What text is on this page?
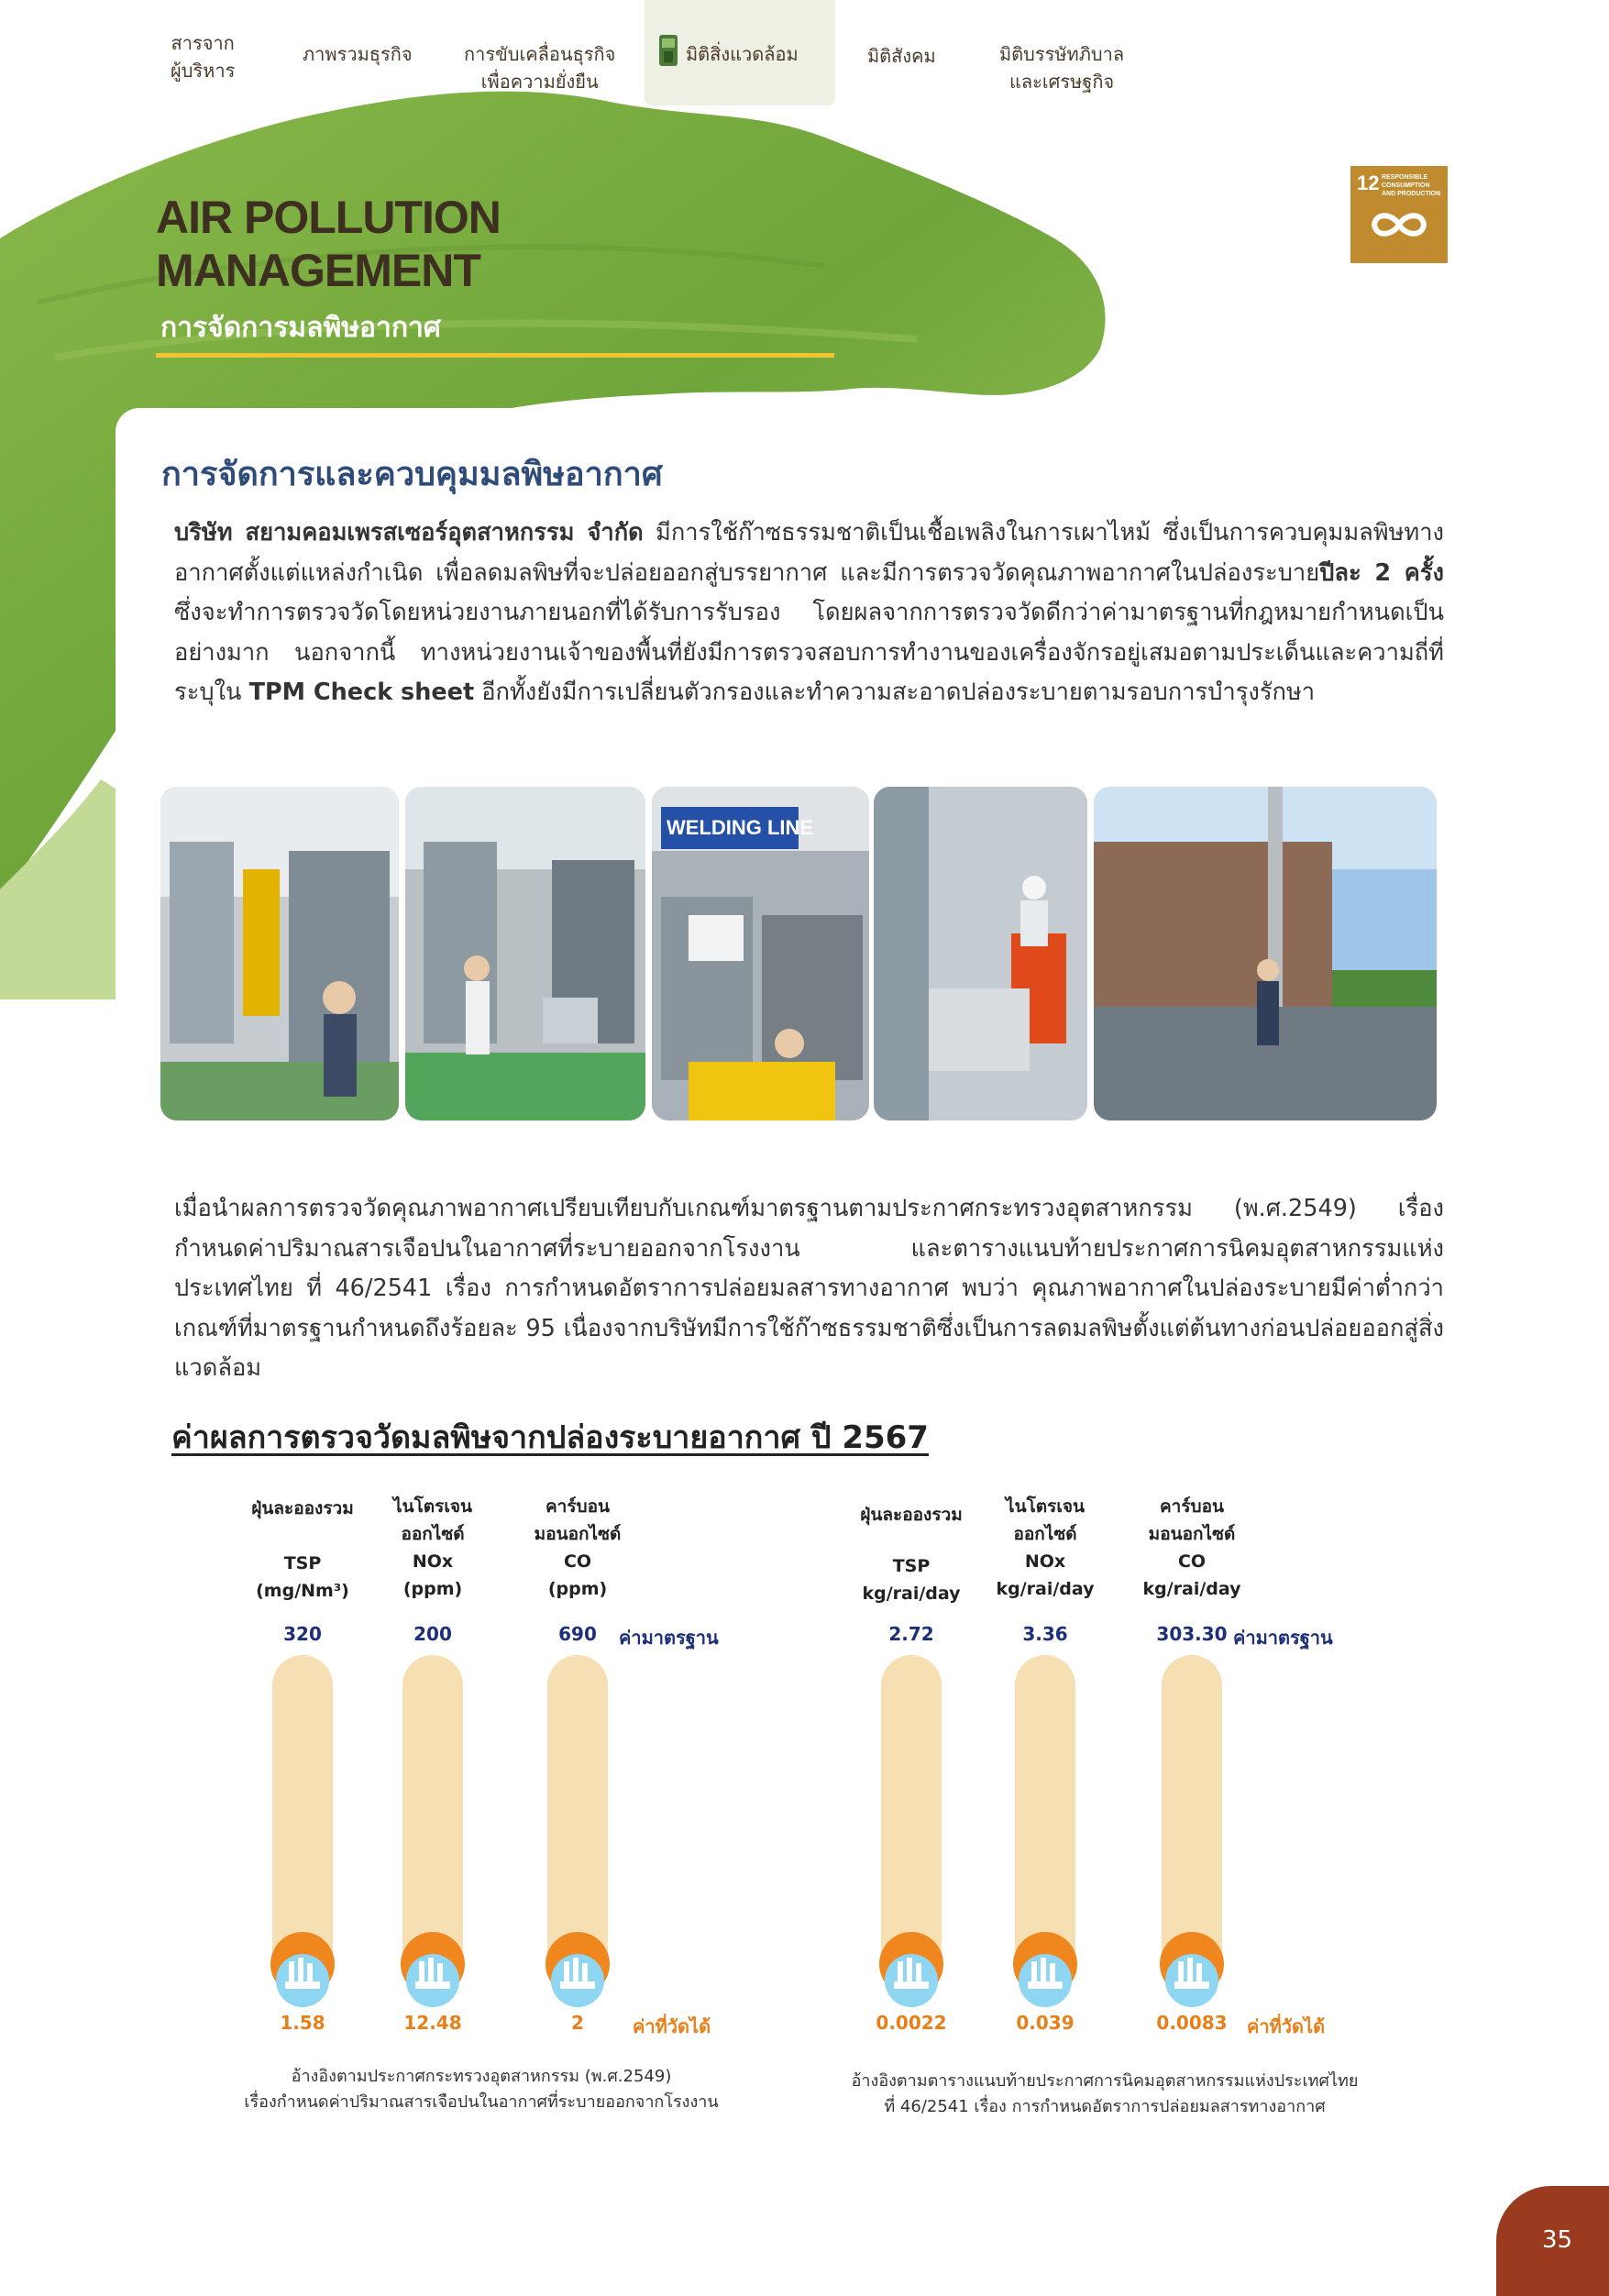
สารจาก
ผู้บริหาร
ภาพรวมธุรกิจ	การขับเคลื่อนธุรกิจ
เพื่อความยั่งยืน
มิติสิ่งแวดล้อม	มิติสังคม	มิติบรรษัทภิบาล
และเศรษฐกิจ
AIR POLLUTION
MANAGEMENT
การจัดการมลพิษอากาศ
12 RESPONSIBLE
CONSUMPTION
AND PRODUCTION
การจัดการและควบคุมมลพิษอากาศ
บริษัท สยามคอมเพรสเซอร์อุตสาหกรรม จำกัด มีการใช้ก๊าซธรรมชาติเป็นเชื้อเพลิงในการเผาไหม้ ซึ่งเป็นการควบคุมมลพิษทางอากาศตั้งแต่แหล่งกำเนิด เพื่อลดมลพิษที่จะปล่อยออกสู่บรรยากาศ และมีการตรวจวัดคุณภาพอากาศในปล่องระบายปีละ 2 ครั้ง ซึ่งจะทำการตรวจวัดโดยหน่วยงานภายนอกที่ได้รับการรับรอง โดยผลจากการตรวจวัดดีกว่าค่ามาตรฐานที่กฎหมายกำหนดเป็นอย่างมาก นอกจากนี้ ทางหน่วยงานเจ้าของพื้นที่ยังมีการตรวจสอบการทำงานของเครื่องจักรอยู่เสมอตามประเด็นและความถี่ที่ระบุใน TPM Check sheet อีกทั้งยังมีการเปลี่ยนตัวกรองและทำความสะอาดปล่องระบายตามรอบการบำรุงรักษา
WELDING LINE
เมื่อนำผลการตรวจวัดคุณภาพอากาศเปรียบเทียบกับเกณฑ์มาตรฐานตามประกาศกระทรวงอุตสาหกรรม (พ.ศ.2549) เรื่อง กำหนดค่าปริมาณสารเจือปนในอากาศที่ระบายออกจากโรงงาน และตารางแนบท้ายประกาศการนิคมอุตสาหกรรมแห่งประเทศไทย ที่ 46/2541 เรื่อง การกำหนดอัตราการปล่อยมลสารทางอากาศ พบว่า คุณภาพอากาศในปล่องระบายมีค่าต่ำกว่าเกณฑ์ที่มาตรฐานกำหนดถึงร้อยละ 95 เนื่องจากบริษัทมีการใช้ก๊าซธรรมชาติซึ่งเป็นการลดมลพิษตั้งแต่ต้นทางก่อนปล่อยออกสู่สิ่งแวดล้อม
ค่าผลการตรวจวัดมลพิษจากปล่องระบายอากาศ ปี 2567
ฝุ่นละอองรวม
TSP
(mg/Nm³)
320
1.58
ไนโตรเจน
ออกไซด์
NOx
(ppm)
200
12.48
คาร์บอน
มอนอกไซด์
CO
(ppm)
690
2
ค่ามาตรฐาน
ค่าที่วัดได้
ฝุ่นละอองรวม
TSP
kg/rai/day
2.72
0.0022
ไนโตรเจน
ออกไซด์
NOx
kg/rai/day
3.36
0.039
คาร์บอน
มอนอกไซด์
CO
kg/rai/day
303.30
0.0083
ค่ามาตรฐาน
ค่าที่วัดได้
อ้างอิงตามประกาศกระทรวงอุตสาหกรรม (พ.ศ.2549)
เรื่องกำหนดค่าปริมาณสารเจือปนในอากาศที่ระบายออกจากโรงงาน
อ้างอิงตามตารางแนบท้ายประกาศการนิคมอุตสาหกรรมแห่งประเทศไทย
ที่ 46/2541 เรื่อง การกำหนดอัตราการปล่อยมลสารทางอากาศ
35
